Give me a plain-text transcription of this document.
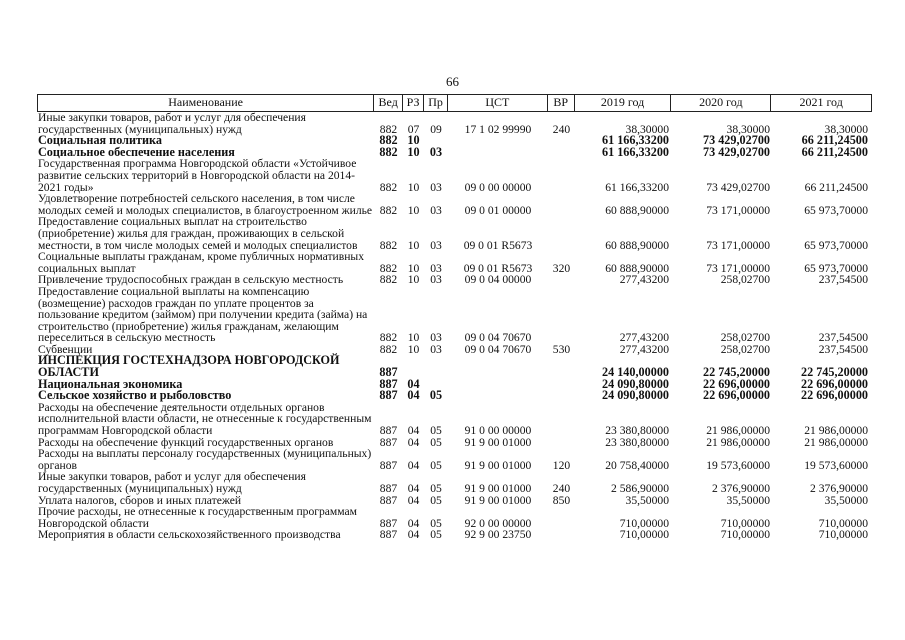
66
Наименование	Вед РЗ Пр	ЦСТ	ВР	2019 год	2020 год	2021 год
Иные закупки товаров, работ и услуг для обеспечения государственных (муниципальных) нужд	882 07 09	17 1 02 99990	240	38,30000	38,30000	38,30000
Социальная политика	882 10	61 166,33200	73 429,02700	66 211,24500
Социальное обеспечение населения	882 10 03	61 166,33200	73 429,02700	66 211,24500
Государственная программа Новгородской области «Устойчивое развитие сельских территорий в Новгородской области на 2014-2021 годы»	882 10 03	09 0 00 00000	61 166,33200	73 429,02700	66 211,24500
Удовлетворение потребностей сельского населения, в том числе молодых семей и молодых специалистов, в благоустроенном жилье 882 10 03	09 0 01 00000	60 888,90000	73 171,00000	65 973,70000
Предоставление социальных выплат на строительство (приобретение) жилья для граждан, проживающих в сельской местности, в том числе молодых семей и молодых специалистов	882 10 03	09 0 01 R5673	60 888,90000	73 171,00000	65 973,70000
Социальные выплаты гражданам, кроме публичных нормативных социальных выплат	882 10 03	09 0 01 R5673	320	60 888,90000	73 171,00000	65 973,70000
Привлечение трудоспособных граждан в сельскую местность	882 10 03	09 0 04 00000	277,43200	258,02700	237,54500
Предоставление социальной выплаты на компенсацию (возмещение) расходов граждан по уплате процентов за пользование кредитом (займом) при получении кредита (займа) на строительство (приобретение) жилья гражданам, желающим переселиться в сельскую местность	882 10 03	09 0 04 70670	277,43200	258,02700	237,54500
Субвенции	882 10 03	09 0 04 70670	530	277,43200	258,02700	237,54500
ИНСПЕКЦИЯ ГОСТЕХНАДЗОРА НОВГОРОДСКОЙ ОБЛАСТИ	887	24 140,00000	22 745,20000	22 745,20000
Национальная экономика	887 04	24 090,80000	22 696,00000	22 696,00000
Сельское хозяйство и рыболовство	887 04 05	24 090,80000	22 696,00000	22 696,00000
Расходы на обеспечение деятельности отдельных органов исполнительной власти области, не отнесенные к государственным программам Новгородской области	887 04 05	91 0 00 00000	23 380,80000	21 986,00000	21 986,00000
Расходы на обеспечение функций государственных органов	887 04 05	91 9 00 01000	23 380,80000	21 986,00000	21 986,00000
Расходы на выплаты персоналу государственных (муниципальных) органов	887 04 05	91 9 00 01000	120	20 758,40000	19 573,60000	19 573,60000
Иные закупки товаров, работ и услуг для обеспечения государственных (муниципальных) нужд	887 04 05	91 9 00 01000	240	2 586,90000	2 376,90000	2 376,90000
Уплата налогов, сборов и иных платежей	887 04 05	91 9 00 01000	850	35,50000	35,50000	35,50000
Прочие расходы, не отнесенные к государственным программам Новгородской области	887 04 05	92 0 00 00000	710,00000	710,00000	710,00000
Мероприятия в области сельскохозяйственного производства	887 04 05	92 9 00 23750	710,00000	710,00000	710,00000
